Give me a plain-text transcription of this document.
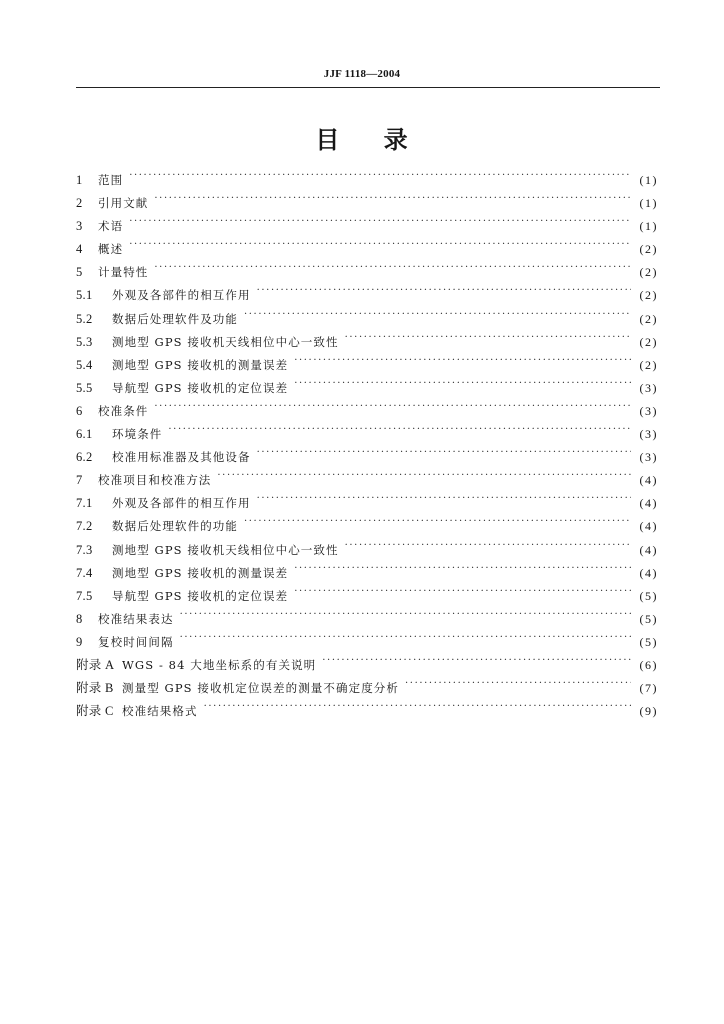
JJF 1118—2004
目 录
1	范围 ·····	(1)
2	引用文献 ·····	(1)
3	术语 ·····	(1)
4	概述 ·····	(2)
5	计量特性 ·····	(2)
5.1	外观及各部件的相互作用 ·····	(2)
5.2	数据后处理软件及功能 ·····	(2)
5.3	测地型 GPS 接收机天线相位中心一致性 ·····	(2)
5.4	测地型 GPS 接收机的测量误差 ·····	(2)
5.5	导航型 GPS 接收机的定位误差 ·····	(3)
6	校准条件 ·····	(3)
6.1	环境条件 ·····	(3)
6.2	校准用标准器及其他设备 ·····	(3)
7	校准项目和校准方法 ·····	(4)
7.1	外观及各部件的相互作用 ·····	(4)
7.2	数据后处理软件的功能 ·····	(4)
7.3	测地型 GPS 接收机天线相位中心一致性 ·····	(4)
7.4	测地型 GPS 接收机的测量误差 ·····	(4)
7.5	导航型 GPS 接收机的定位误差 ·····	(5)
8	校准结果表达 ·····	(5)
9	复校时间间隔 ·····	(5)
附录 A WGS - 84 大地坐标系的有关说明 ·····	(6)
附录 B 测量型 GPS 接收机定位误差的测量不确定度分析 ·····	(7)
附录 C 校准结果格式 ·····	(9)
